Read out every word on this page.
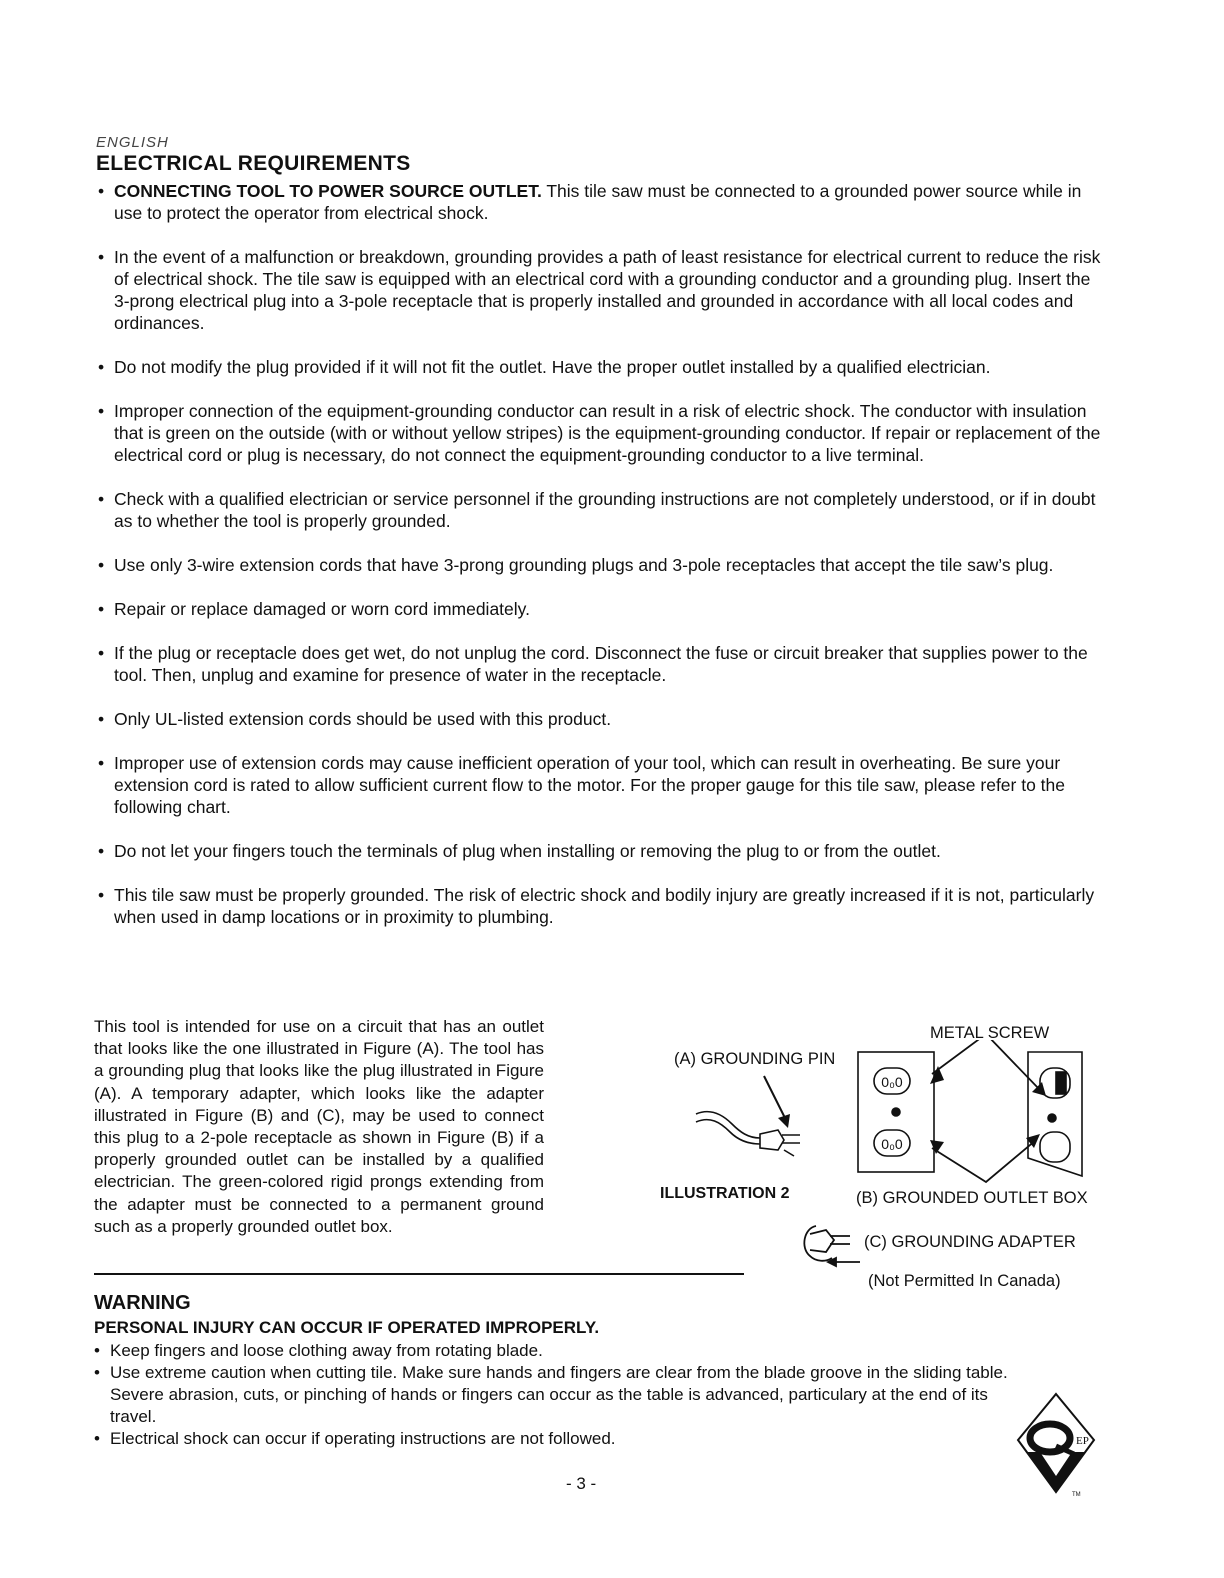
ENGLISH
ELECTRICAL REQUIREMENTS
• CONNECTING TOOL TO POWER SOURCE OUTLET. This tile saw must be connected to a grounded power source while in use to protect the operator from electrical shock.
• In the event of a malfunction or breakdown, grounding provides a path of least resistance for electrical current to reduce the risk of electrical shock. The tile saw is equipped with an electrical cord with a grounding conductor and a grounding plug. Insert the 3-prong electrical plug into a 3-pole receptacle that is properly installed and grounded in accordance with all local codes and ordinances.
• Do not modify the plug provided if it will not fit the outlet. Have the proper outlet installed by a qualified electrician.
• Improper connection of the equipment-grounding conductor can result in a risk of electric shock. The conductor with insulation that is green on the outside (with or without yellow stripes) is the equipment-grounding conductor. If repair or replacement of the electrical cord or plug is necessary, do not connect the equipment-grounding conductor to a live terminal.
• Check with a qualified electrician or service personnel if the grounding instructions are not completely understood, or if in doubt as to whether the tool is properly grounded.
• Use only 3-wire extension cords that have 3-prong grounding plugs and 3-pole receptacles that accept the tile saw’s plug.
• Repair or replace damaged or worn cord immediately.
• If the plug or receptacle does get wet, do not unplug the cord. Disconnect the fuse or circuit breaker that supplies power to the tool. Then, unplug and examine for presence of water in the receptacle.
• Only UL-listed extension cords should be used with this product.
• Improper use of extension cords may cause inefficient operation of your tool, which can result in overheating. Be sure your extension cord is rated to allow sufficient current flow to the motor. For the proper gauge for this tile saw, please refer to the following chart.
• Do not let your fingers touch the terminals of plug when installing or removing the plug to or from the outlet.
• This tile saw must be properly grounded. The risk of electric shock and bodily injury are greatly increased if it is not, particularly when used in damp locations or in proximity to plumbing.
This tool is intended for use on a circuit that has an outlet that looks like the one illustrated in Figure (A). The tool has a grounding plug that looks like the plug illustrated in Figure (A). A temporary adapter, which looks like the adapter illustrated in Figure (B) and (C), may be used to connect this plug to a 2-pole receptacle as shown in Figure (B) if a properly grounded outlet can be installed by a qualified electrician. The green-colored rigid prongs extending from the adapter must be connected to a permanent ground such as a properly grounded outlet box.
(A) GROUNDING PIN
METAL SCREW
ILLUSTRATION 2	(B) GROUNDED OUTLET BOX
(C) GROUNDING ADAPTER
(Not Permitted In Canada)
0₀0
0₀0
WARNING
PERSONAL INJURY CAN OCCUR IF OPERATED IMPROPERLY.
• Keep fingers and loose clothing away from rotating blade.
• Use extreme caution when cutting tile. Make sure hands and fingers are clear from the blade groove in the sliding table. Severe abrasion, cuts, or pinching of hands or fingers can occur as the table is advanced, particulary at the end of its travel.
• Electrical shock can occur if operating instructions are not followed.
- 3 -
EP
TM
